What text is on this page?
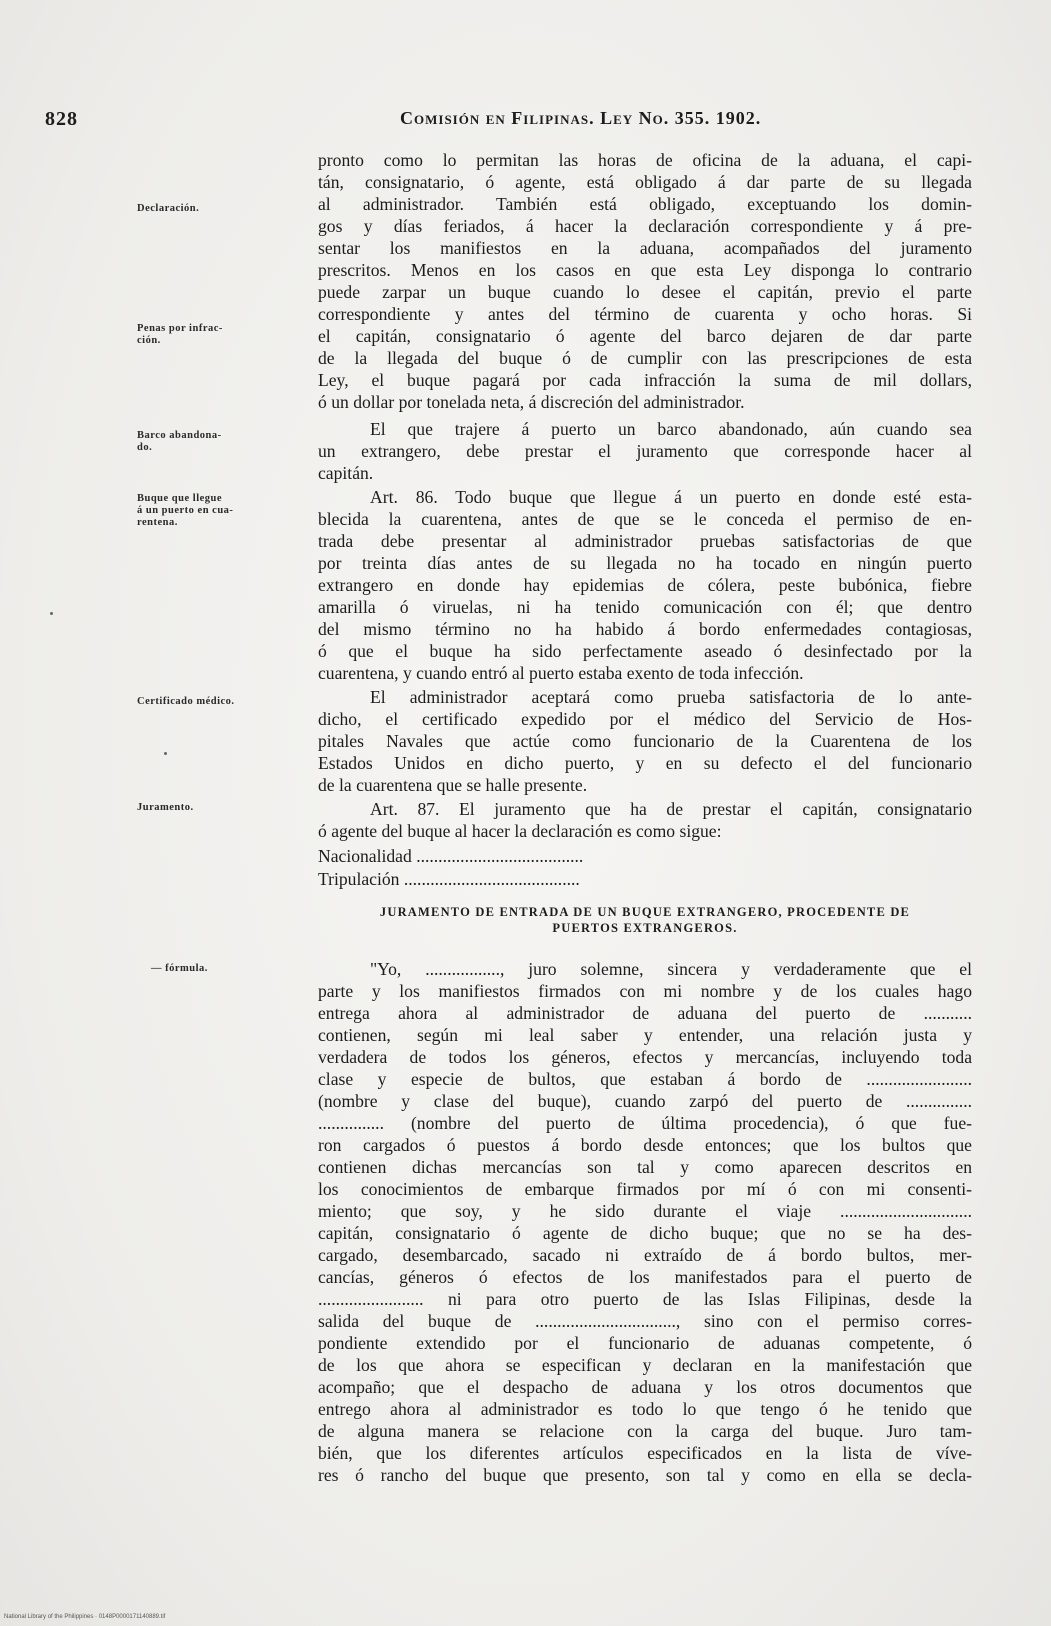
828	Comisión en Filipinas. Ley No. 355. 1902.
Declaración.
Penas por infrac-
ción.
Barco abandona-
do.
Buque que llegue
á un puerto en cua-
rentena.
Certificado médico.
Juramento.
— fórmula.
pronto como lo permitan las horas de oficina de la aduana, el capi-
tán, consignatario, ó agente, está obligado á dar parte de su llegada
al administrador. También está obligado, exceptuando los domin-
gos y días feriados, á hacer la declaración correspondiente y á pre-
sentar los manifiestos en la aduana, acompañados del juramento
prescritos. Menos en los casos en que esta Ley disponga lo contrario
puede zarpar un buque cuando lo desee el capitán, previo el parte
correspondiente y antes del término de cuarenta y ocho horas. Si
el capitán, consignatario ó agente del barco dejaren de dar parte
de la llegada del buque ó de cumplir con las prescripciones de esta
Ley, el buque pagará por cada infracción la suma de mil dollars,
ó un dollar por tonelada neta, á discreción del administrador.
El que trajere á puerto un barco abandonado, aún cuando sea
un extrangero, debe prestar el juramento que corresponde hacer al
capitán.
Art. 86. Todo buque que llegue á un puerto en donde esté esta-
blecida la cuarentena, antes de que se le conceda el permiso de en-
trada debe presentar al administrador pruebas satisfactorias de que
por treinta días antes de su llegada no ha tocado en ningún puerto
extrangero en donde hay epidemias de cólera, peste bubónica, fiebre
amarilla ó viruelas, ni ha tenido comunicación con él; que dentro
del mismo término no ha habido á bordo enfermedades contagiosas,
ó que el buque ha sido perfectamente aseado ó desinfectado por la
cuarentena, y cuando entró al puerto estaba exento de toda infección.
El administrador aceptará como prueba satisfactoria de lo ante-
dicho, el certificado expedido por el médico del Servicio de Hos-
pitales Navales que actúe como funcionario de la Cuarentena de los
Estados Unidos en dicho puerto, y en su defecto el del funcionario
de la cuarentena que se halle presente.
Art. 87. El juramento que ha de prestar el capitán, consignatario
ó agente del buque al hacer la declaración es como sigue:
Nacionalidad ......................................
Tripulación ........................................
JURAMENTO DE ENTRADA DE UN BUQUE EXTRANGERO, PROCEDENTE DE
PUERTOS EXTRANGEROS.
"Yo, ................., juro solemne, sincera y verdaderamente que el
parte y los manifiestos firmados con mi nombre y de los cuales hago
entrega ahora al administrador de aduana del puerto de ...........
contienen, según mi leal saber y entender, una relación justa y
verdadera de todos los géneros, efectos y mercancías, incluyendo toda
clase y especie de bultos, que estaban á bordo de ........................
(nombre y clase del buque), cuando zarpó del puerto de ...............
............... (nombre del puerto de última procedencia), ó que fue-
ron cargados ó puestos á bordo desde entonces; que los bultos que
contienen dichas mercancías son tal y como aparecen descritos en
los conocimientos de embarque firmados por mí ó con mi consenti-
miento; que soy, y he sido durante el viaje ..............................
capitán, consignatario ó agente de dicho buque; que no se ha des-
cargado, desembarcado, sacado ni extraído de á bordo bultos, mer-
cancías, géneros ó efectos de los manifestados para el puerto de
........................ ni para otro puerto de las Islas Filipinas, desde la
salida del buque de ................................, sino con el permiso corres-
pondiente extendido por el funcionario de aduanas competente, ó
de los que ahora se especifican y declaran en la manifestación que
acompaño; que el despacho de aduana y los otros documentos que
entrego ahora al administrador es todo lo que tengo ó he tenido que
de alguna manera se relacione con la carga del buque. Juro tam-
bién, que los diferentes artículos especificados en la lista de víve-
res ó rancho del buque que presento, son tal y como en ella se decla-
National Library of the Philippines · 0148P0000171140889.tif
